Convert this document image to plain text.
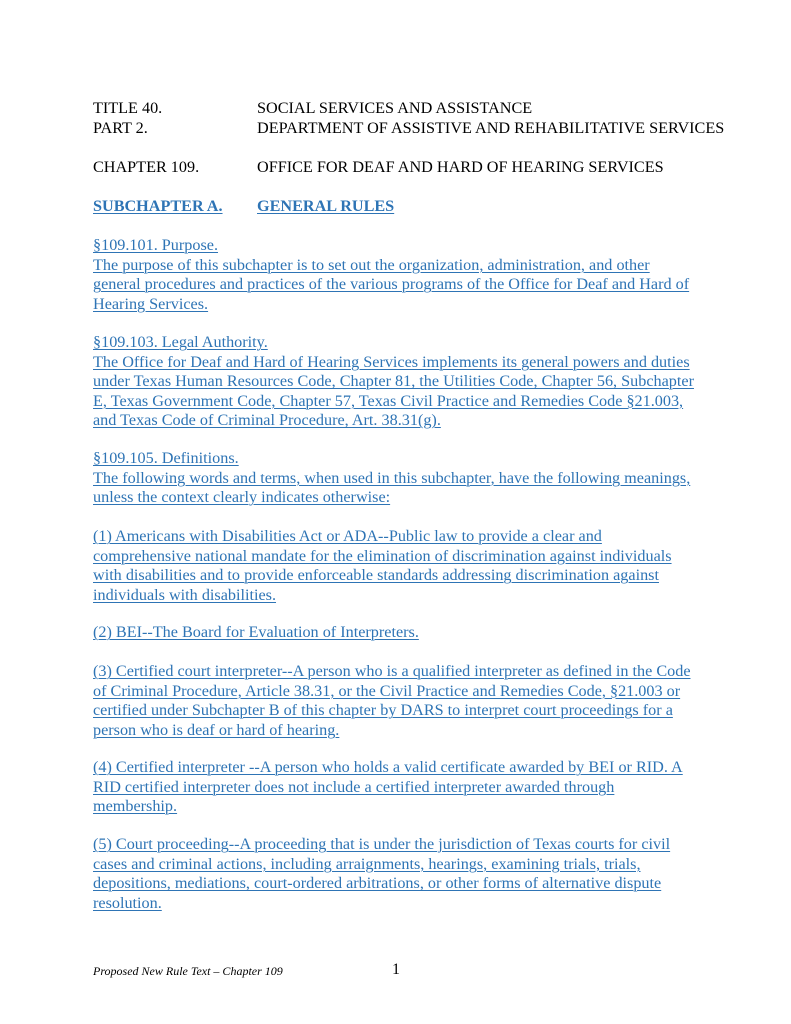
TITLE 40.	SOCIAL SERVICES AND ASSISTANCE
PART 2.	DEPARTMENT OF ASSISTIVE AND REHABILITATIVE SERVICES
CHAPTER 109.	OFFICE FOR DEAF AND HARD OF HEARING SERVICES
SUBCHAPTER A. GENERAL RULES

§109.101. Purpose.

The purpose of this subchapter is to set out the organization, administration, and other general procedures and practices of the various programs of the Office for Deaf and Hard of Hearing Services.

§109.103. Legal Authority.

The Office for Deaf and Hard of Hearing Services implements its general powers and duties under Texas Human Resources Code, Chapter 81, the Utilities Code, Chapter 56, Subchapter E, Texas Government Code, Chapter 57, Texas Civil Practice and Remedies Code §21.003, and Texas Code of Criminal Procedure, Art. 38.31(g).

§109.105. Definitions.

The following words and terms, when used in this subchapter, have the following meanings, unless the context clearly indicates otherwise:

(1) Americans with Disabilities Act or ADA--Public law to provide a clear and comprehensive national mandate for the elimination of discrimination against individuals with disabilities and to provide enforceable standards addressing discrimination against individuals with disabilities.

(2) BEI--The Board for Evaluation of Interpreters.

(3) Certified court interpreter--A person who is a qualified interpreter as defined in the Code of Criminal Procedure, Article 38.31, or the Civil Practice and Remedies Code, §21.003 or certified under Subchapter B of this chapter by DARS to interpret court proceedings for a person who is deaf or hard of hearing.

(4) Certified interpreter --A person who holds a valid certificate awarded by BEI or RID. A RID certified interpreter does not include a certified interpreter awarded through membership.

(5) Court proceeding--A proceeding that is under the jurisdiction of Texas courts for civil cases and criminal actions, including arraignments, hearings, examining trials, trials, depositions, mediations, court-ordered arbitrations, or other forms of alternative dispute resolution.

Proposed New Rule Text – Chapter 109	1
